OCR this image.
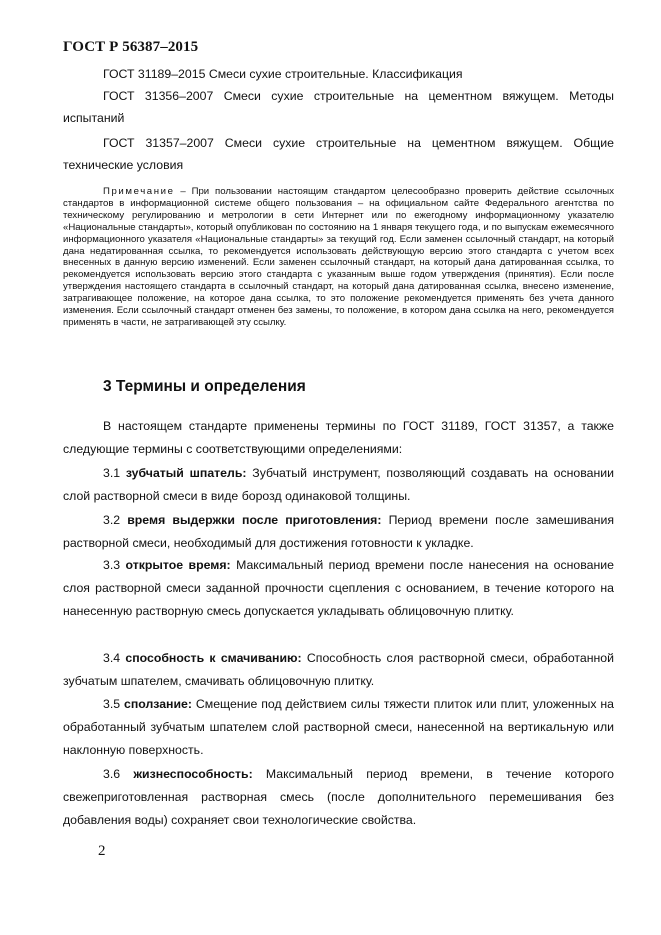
ГОСТ Р 56387–2015
ГОСТ 31189–2015 Смеси сухие строительные. Классификация
ГОСТ 31356–2007 Смеси сухие строительные на цементном вяжущем. Методы испытаний
ГОСТ 31357–2007 Смеси сухие строительные на цементном вяжущем. Общие технические условия
Примечание – При пользовании настоящим стандартом целесообразно проверить действие ссылочных стандартов в информационной системе общего пользования – на официальном сайте Федерального агентства по техническому регулированию и метрологии в сети Интернет или по ежегодному информационному указателю «Национальные стандарты», который опубликован по состоянию на 1 января текущего года, и по выпускам ежемесячного информационного указателя «Национальные стандарты» за текущий год. Если заменен ссылочный стандарт, на который дана недатированная ссылка, то рекомендуется использовать действующую версию этого стандарта с учетом всех внесенных в данную версию изменений. Если заменен ссылочный стандарт, на который дана датированная ссылка, то рекомендуется использовать версию этого стандарта с указанным выше годом утверждения (принятия). Если после утверждения настоящего стандарта в ссылочный стандарт, на который дана датированная ссылка, внесено изменение, затрагивающее положение, на которое дана ссылка, то это положение рекомендуется применять без учета данного изменения. Если ссылочный стандарт отменен без замены, то положение, в котором дана ссылка на него, рекомендуется применять в части, не затрагивающей эту ссылку.
3 Термины и определения
В настоящем стандарте применены термины по ГОСТ 31189, ГОСТ 31357, а также следующие термины с соответствующими определениями:
3.1 зубчатый шпатель: Зубчатый инструмент, позволяющий создавать на основании слой растворной смеси в виде борозд одинаковой толщины.
3.2 время выдержки после приготовления: Период времени после замешивания растворной смеси, необходимый для достижения готовности к укладке.
3.3 открытое время: Максимальный период времени после нанесения на основание слоя растворной смеси заданной прочности сцепления с основанием, в течение которого на нанесенную растворную смесь допускается укладывать облицовочную плитку.
3.4 способность к смачиванию: Способность слоя растворной смеси, обработанной зубчатым шпателем, смачивать облицовочную плитку.
3.5 сползание: Смещение под действием силы тяжести плиток или плит, уложенных на обработанный зубчатым шпателем слой растворной смеси, нанесенной на вертикальную или наклонную поверхность.
3.6 жизнеспособность: Максимальный период времени, в течение которого свежеприготовленная растворная смесь (после дополнительного перемешивания без добавления воды) сохраняет свои технологические свойства.
2
